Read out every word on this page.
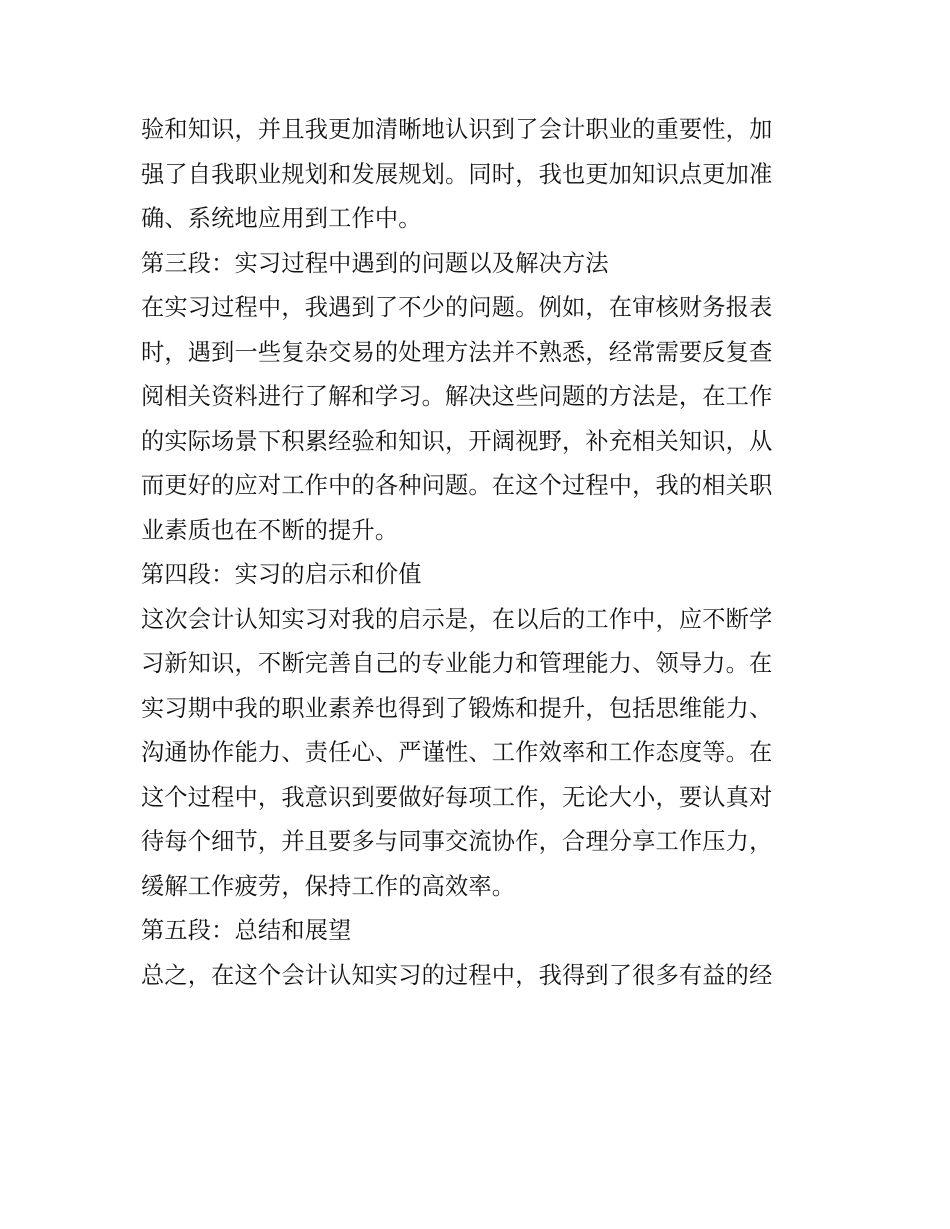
验和知识，并且我更加清晰地认识到了会计职业的重要性，加
强了自我职业规划和发展规划。同时，我也更加知识点更加准
确、系统地应用到工作中。
第三段：实习过程中遇到的问题以及解决方法
在实习过程中，我遇到了不少的问题。例如，在审核财务报表
时，遇到一些复杂交易的处理方法并不熟悉，经常需要反复查
阅相关资料进行了解和学习。解决这些问题的方法是，在工作
的实际场景下积累经验和知识，开阔视野，补充相关知识，从
而更好的应对工作中的各种问题。在这个过程中，我的相关职
业素质也在不断的提升。
第四段：实习的启示和价值
这次会计认知实习对我的启示是，在以后的工作中，应不断学
习新知识，不断完善自己的专业能力和管理能力、领导力。在
实习期中我的职业素养也得到了锻炼和提升，包括思维能力、
沟通协作能力、责任心、严谨性、工作效率和工作态度等。在
这个过程中，我意识到要做好每项工作，无论大小，要认真对
待每个细节，并且要多与同事交流协作，合理分享工作压力，
缓解工作疲劳，保持工作的高效率。
第五段：总结和展望
总之，在这个会计认知实习的过程中，我得到了很多有益的经
